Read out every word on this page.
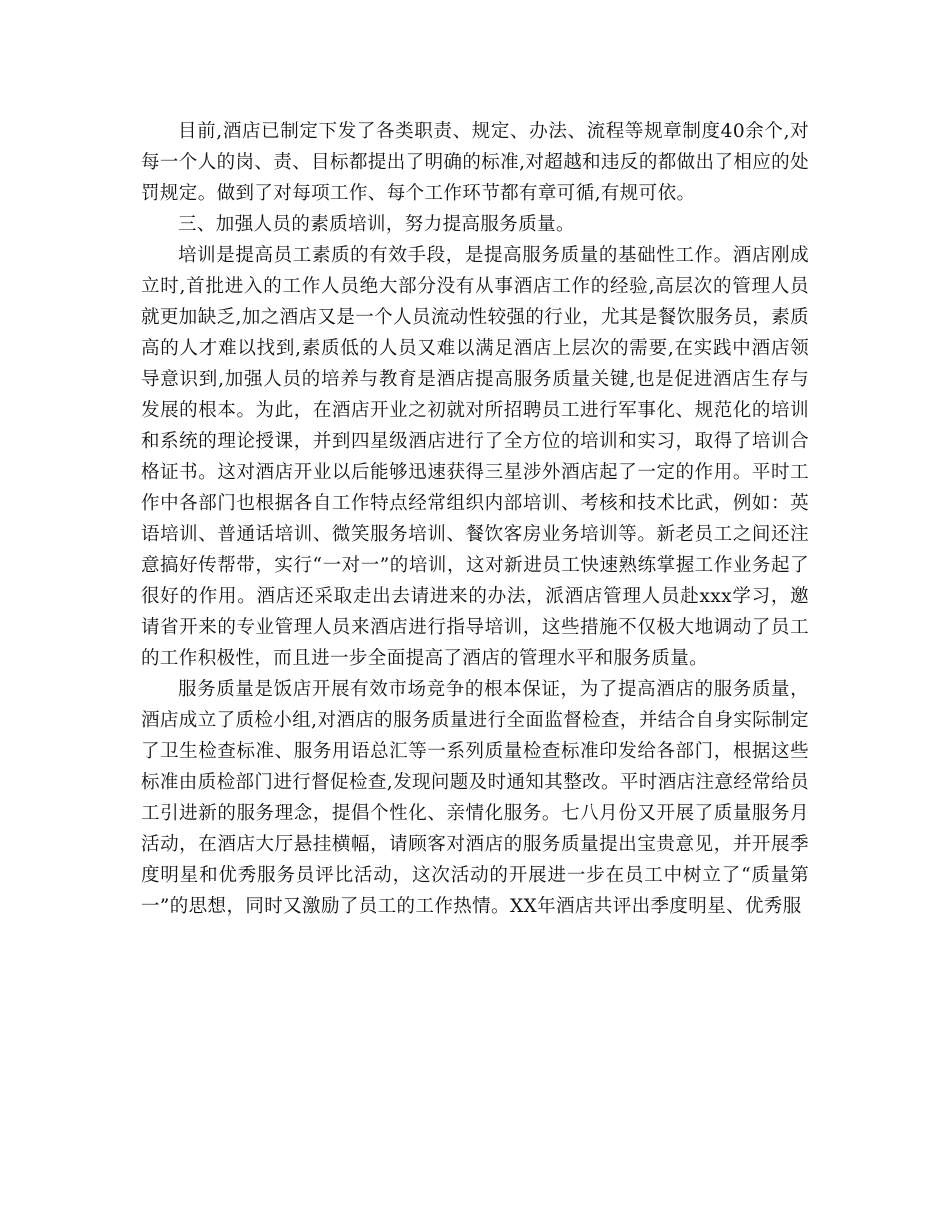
目前,酒店已制定下发了各类职责、规定、办法、流程等规章制度40余个,对每一个人的岗、责、目标都提出了明确的标准,对超越和违反的都做出了相应的处罚规定。做到了对每项工作、每个工作环节都有章可循,有规可依。

三、加强人员的素质培训，努力提高服务质量。

培训是提高员工素质的有效手段，是提高服务质量的基础性工作。酒店刚成立时,首批进入的工作人员绝大部分没有从事酒店工作的经验,高层次的管理人员就更加缺乏,加之酒店又是一个人员流动性较强的行业，尤其是餐饮服务员，素质高的人才难以找到,素质低的人员又难以满足酒店上层次的需要,在实践中酒店领导意识到,加强人员的培养与教育是酒店提高服务质量关键,也是促进酒店生存与发展的根本。为此，在酒店开业之初就对所招聘员工进行军事化、规范化的培训和系统的理论授课，并到四星级酒店进行了全方位的培训和实习，取得了培训合格证书。这对酒店开业以后能够迅速获得三星涉外酒店起了一定的作用。平时工作中各部门也根据各自工作特点经常组织内部培训、考核和技术比武，例如：英语培训、普通话培训、微笑服务培训、餐饮客房业务培训等。新老员工之间还注意搞好传帮带，实行“一对一”的培训，这对新进员工快速熟练掌握工作业务起了很好的作用。酒店还采取走出去请进来的办法，派酒店管理人员赴xxx学习，邀请省开来的专业管理人员来酒店进行指导培训，这些措施不仅极大地调动了员工的工作积极性，而且进一步全面提高了酒店的管理水平和服务质量。

服务质量是饭店开展有效市场竞争的根本保证，为了提高酒店的服务质量，酒店成立了质检小组,对酒店的服务质量进行全面监督检查，并结合自身实际制定了卫生检查标准、服务用语总汇等一系列质量检查标准印发给各部门，根据这些标准由质检部门进行督促检查,发现问题及时通知其整改。平时酒店注意经常给员工引进新的服务理念，提倡个性化、亲情化服务。七八月份又开展了质量服务月活动，在酒店大厅悬挂横幅，请顾客对酒店的服务质量提出宝贵意见，并开展季度明星和优秀服务员评比活动，这次活动的开展进一步在员工中树立了“质量第一”的思想，同时又激励了员工的工作热情。XX年酒店共评出季度明星、优秀服
